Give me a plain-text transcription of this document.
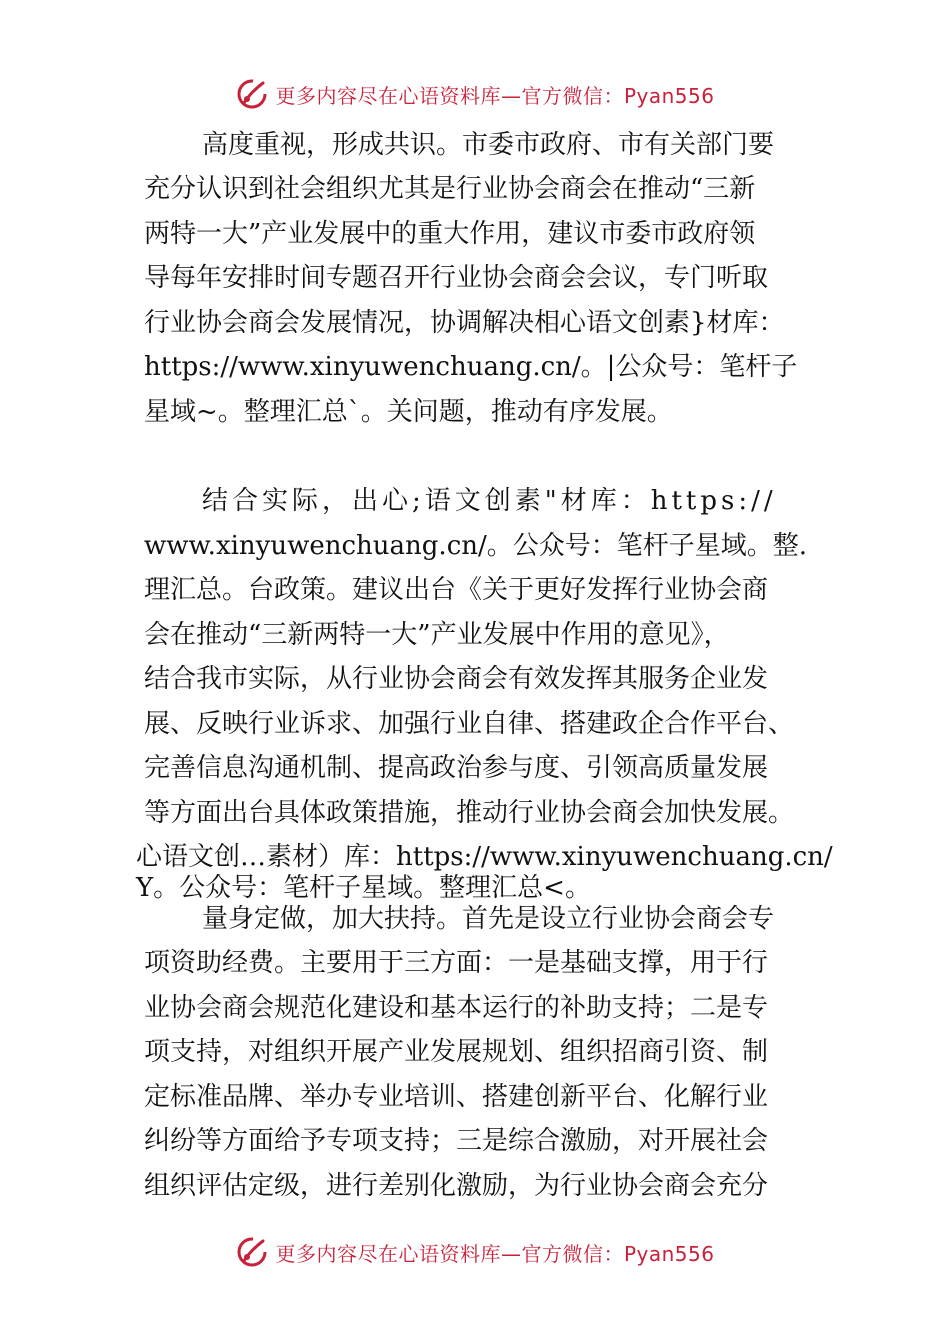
更多内容尽在心语资料库—官方微信：Pyan556
高度重视，形成共识。市委市政府、市有关部门要
充分认识到社会组织尤其是行业协会商会在推动“三新
两特一大”产业发展中的重大作用，建议市委市政府领
导每年安排时间专题召开行业协会商会会议，专门听取
行业协会商会发展情况，协调解决相心语文创素}材库：
https://www.xinyuwenchuang.cn/。|公众号：笔杆子
星域~。整理汇总`。关问题，推动有序发展。
结合实际，出心;语文创素"材库：https://
www.xinyuwenchuang.cn/。公众号：笔杆子星域。整.
理汇总。台政策。建议出台《关于更好发挥行业协会商
会在推动“三新两特一大”产业发展中作用的意见》，
结合我市实际，从行业协会商会有效发挥其服务企业发
展、反映行业诉求、加强行业自律、搭建政企合作平台、
完善信息沟通机制、提高政治参与度、引领高质量发展
等方面出台具体政策措施，推动行业协会商会加快发展。
心语文创…素材）库：https://www.xinyuwenchuang.cn/
Y。公众号：笔杆子星域。整理汇总<。
量身定做，加大扶持。首先是设立行业协会商会专
项资助经费。主要用于三方面：一是基础支撑，用于行
业协会商会规范化建设和基本运行的补助支持；二是专
项支持，对组织开展产业发展规划、组织招商引资、制
定标准品牌、举办专业培训、搭建创新平台、化解行业
纠纷等方面给予专项支持；三是综合激励，对开展社会
组织评估定级，进行差别化激励，为行业协会商会充分
更多内容尽在心语资料库—官方微信：Pyan556
